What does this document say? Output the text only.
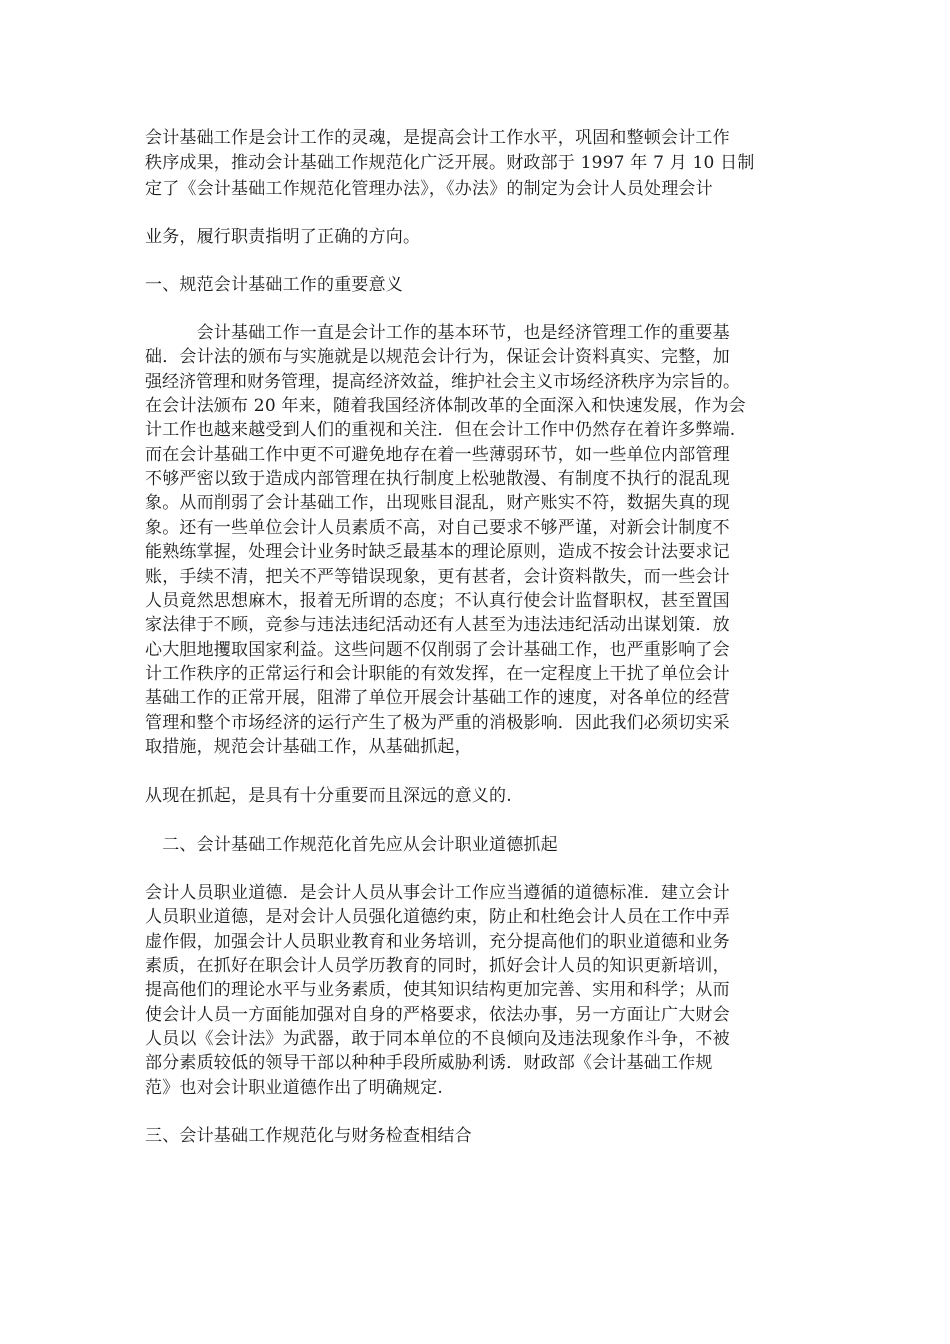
会计基础工作是会计工作的灵魂，是提高会计工作水平，巩固和整顿会计工作
秩序成果，推动会计基础工作规范化广泛开展。财政部于 1997 年 7 月 10 日制
定了《会计基础工作规范化管理办法》，《办法》的制定为会计人员处理会计
业务，履行职责指明了正确的方向。
一、规范会计基础工作的重要意义
　　　会计基础工作一直是会计工作的基本环节，也是经济管理工作的重要基
础．会计法的颁布与实施就是以规范会计行为，保证会计资料真实、完整，加
强经济管理和财务管理，提高经济效益，维护社会主义市场经济秩序为宗旨的。
在会计法颁布 20 年来，随着我国经济体制改革的全面深入和快速发展，作为会
计工作也越来越受到人们的重视和关注．但在会计工作中仍然存在着许多弊端.
而在会计基础工作中更不可避免地存在着一些薄弱环节，如一些单位内部管理
不够严密以致于造成内部管理在执行制度上松驰散漫、有制度不执行的混乱现
象。从而削弱了会计基础工作，出现账目混乱，财产账实不符，数据失真的现
象。还有一些单位会计人员素质不高，对自己要求不够严谨，对新会计制度不
能熟练掌握，处理会计业务时缺乏最基本的理论原则，造成不按会计法要求记
账，手续不清，把关不严等错误现象，更有甚者，会计资料散失，而一些会计
人员竟然思想麻木，报着无所谓的态度；不认真行使会计监督职权，甚至置国
家法律于不顾，竞参与违法违纪活动还有人甚至为违法违纪活动出谋划策．放
心大胆地攫取国家利益。这些问题不仅削弱了会计基础工作，也严重影响了会
计工作秩序的正常运行和会计职能的有效发挥，在一定程度上干扰了单位会计
基础工作的正常开展，阻滞了单位开展会计基础工作的速度，对各单位的经营
管理和整个市场经济的运行产生了极为严重的消极影响．因此我们必须切实采
取措施，规范会计基础工作，从基础抓起，
从现在抓起，是具有十分重要而且深远的意义的.
　二、会计基础工作规范化首先应从会计职业道德抓起
会计人员职业道德．是会计人员从事会计工作应当遵循的道德标准．建立会计
人员职业道德，是对会计人员强化道德约束，防止和杜绝会计人员在工作中弄
虚作假，加强会计人员职业教育和业务培训，充分提高他们的职业道德和业务
素质，在抓好在职会计人员学历教育的同时，抓好会计人员的知识更新培训，
提高他们的理论水平与业务素质，使其知识结构更加完善、实用和科学；从而
使会计人员一方面能加强对自身的严格要求，依法办事，另一方面让广大财会
人员以《会计法》为武器，敢于同本单位的不良倾向及违法现象作斗争，不被
部分素质较低的领导干部以种种手段所威胁利诱．财政部《会计基础工作规
范》也对会计职业道德作出了明确规定.
三、会计基础工作规范化与财务检查相结合
